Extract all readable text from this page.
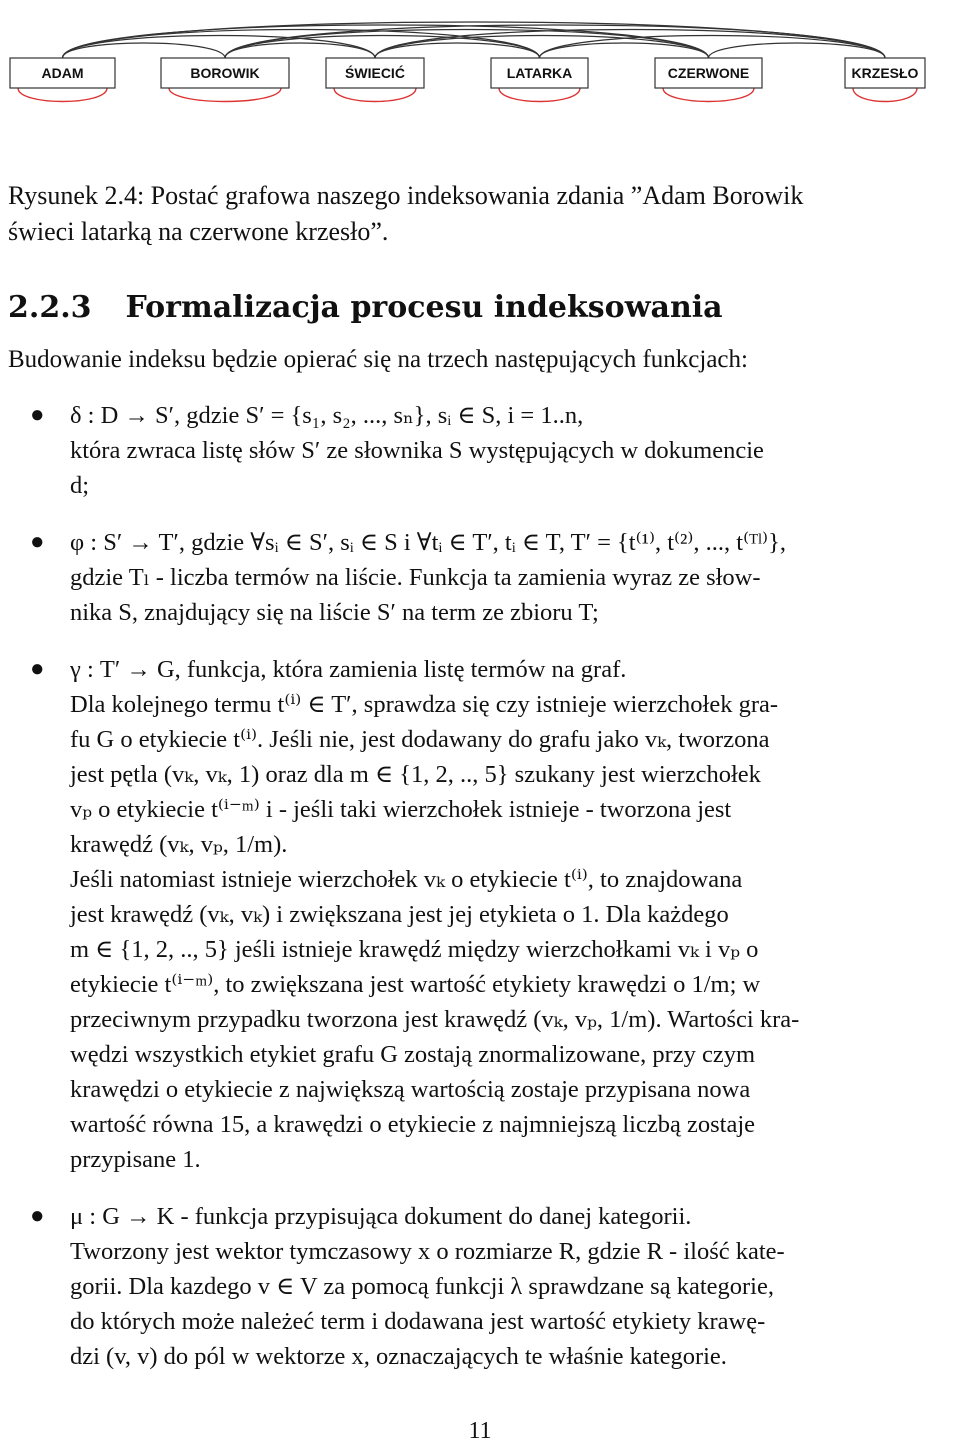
ADAM	BOROWIK	ŚWIECIĆ	LATARKA	CZERWONE	KRZESŁO
Rysunek 2.4: Postać grafowa naszego indeksowania zdania ”Adam Borowik
świeci latarką na czerwone krzesło”.
2.2.3 Formalizacja procesu indeksowania
Budowanie indeksu będzie opierać się na trzech następujących funkcjach:
● δ : D → S′, gdzie S′ = {s₁, s₂, ..., sₙ}, sᵢ ∈ S, i = 1..n,
która zwraca listę słów S′ ze słownika S występujących w dokumencie
d;
● φ : S′ → T′, gdzie ∀sᵢ ∈ S′, sᵢ ∈ S i ∀tᵢ ∈ T′, tᵢ ∈ T, T′ = {t⁽¹⁾, t⁽²⁾, ..., t⁽ᵀˡ⁾},
gdzie Tₗ - liczba termów na liście. Funkcja ta zamienia wyraz ze słow-
nika S, znajdujący się na liście S′ na term ze zbioru T;
● γ : T′ → G, funkcja, która zamienia listę termów na graf.
Dla kolejnego termu t⁽ⁱ⁾ ∈ T′, sprawdza się czy istnieje wierzchołek gra-
fu G o etykiecie t⁽ⁱ⁾. Jeśli nie, jest dodawany do grafu jako vₖ, tworzona
jest pętla (vₖ, vₖ, 1) oraz dla m ∈ {1, 2, .., 5} szukany jest wierzchołek
vₚ o etykiecie t⁽ⁱ⁻ᵐ⁾ i - jeśli taki wierzchołek istnieje - tworzona jest
krawędź (vₖ, vₚ, 1/m).
Jeśli natomiast istnieje wierzchołek vₖ o etykiecie t⁽ⁱ⁾, to znajdowana
jest krawędź (vₖ, vₖ) i zwiększana jest jej etykieta o 1. Dla każdego
m ∈ {1, 2, .., 5} jeśli istnieje krawędź między wierzchołkami vₖ i vₚ o
etykiecie t⁽ⁱ⁻ᵐ⁾, to zwiększana jest wartość etykiety krawędzi o 1/m; w
przeciwnym przypadku tworzona jest krawędź (vₖ, vₚ, 1/m). Wartości kra-
wędzi wszystkich etykiet grafu G zostają znormalizowane, przy czym
krawędzi o etykiecie z największą wartością zostaje przypisana nowa
wartość równa 15, a krawędzi o etykiecie z najmniejszą liczbą zostaje
przypisane 1.
● μ : G → K - funkcja przypisująca dokument do danej kategorii.
Tworzony jest wektor tymczasowy x o rozmiarze R, gdzie R - ilość kate-
gorii. Dla kazdego v ∈ V za pomocą funkcji λ sprawdzane są kategorie,
do których może należeć term i dodawana jest wartość etykiety krawę-
dzi (v, v) do pól w wektorze x, oznaczających te właśnie kategorie.
11
